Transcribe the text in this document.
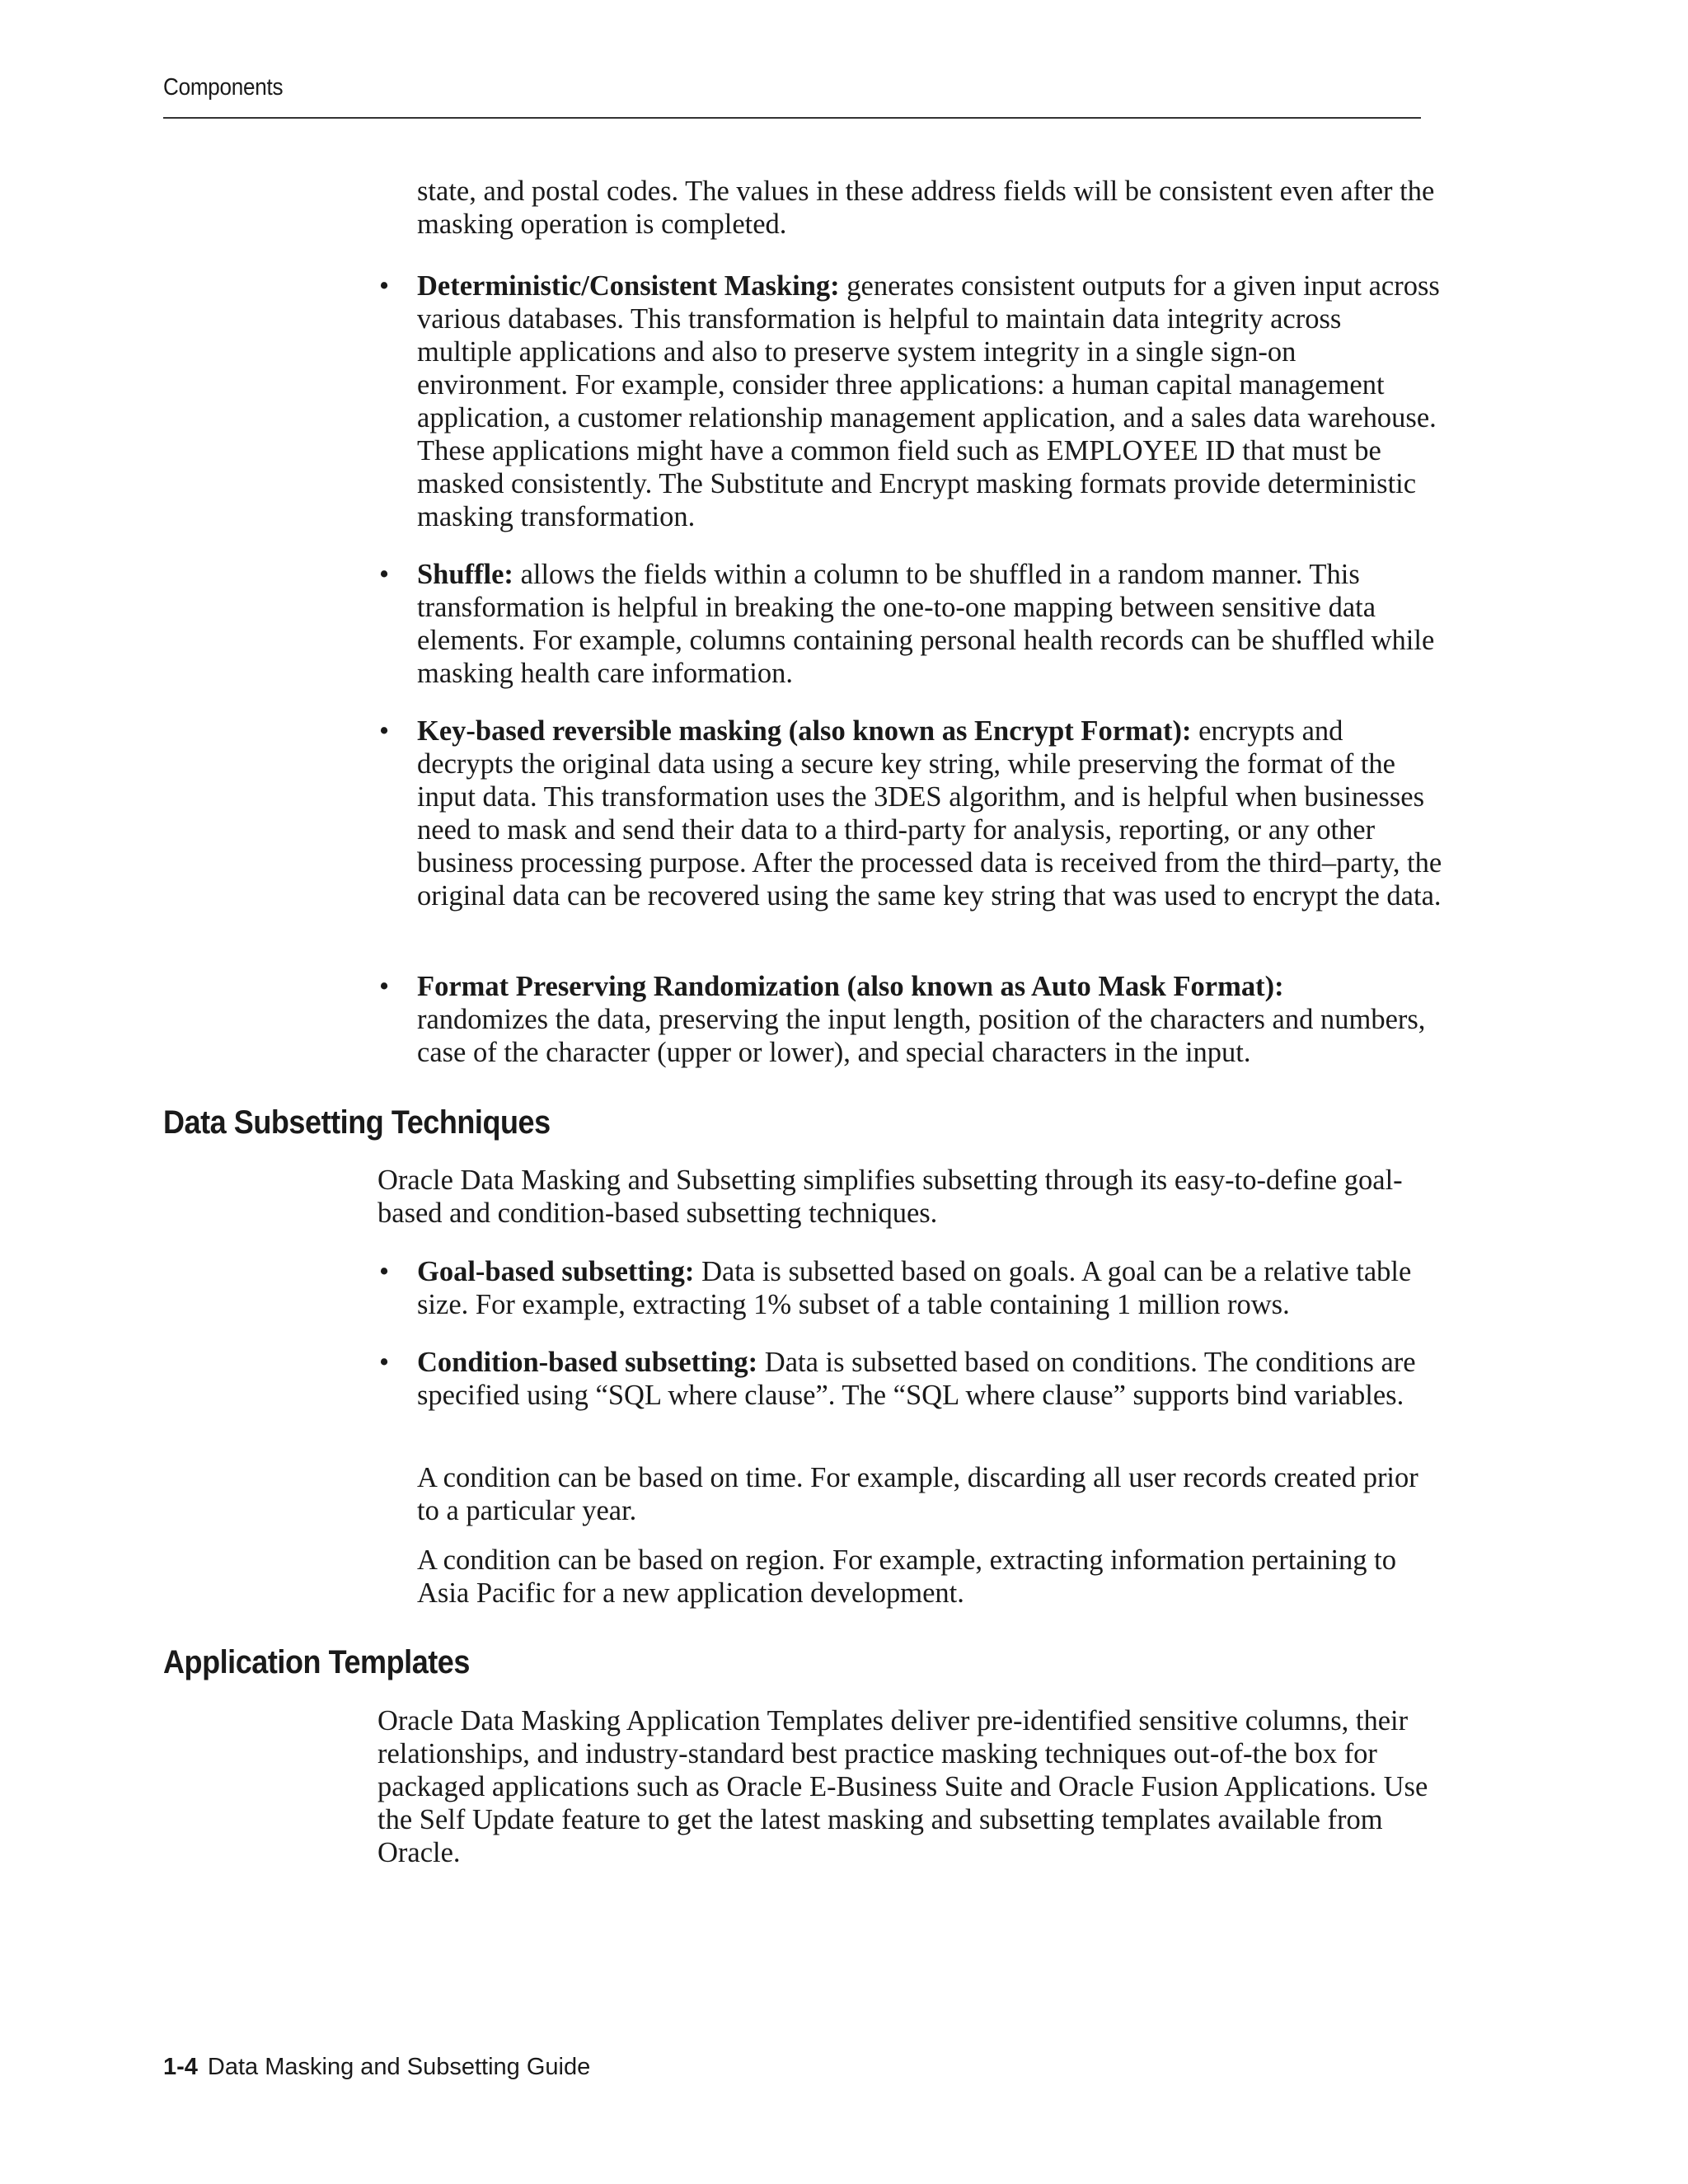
Components

state, and postal codes. The values in these address fields will be consistent even after the masking operation is completed.

• Deterministic/Consistent Masking: generates consistent outputs for a given input across various databases. This transformation is helpful to maintain data integrity across multiple applications and also to preserve system integrity in a single sign-on environment. For example, consider three applications: a human capital management application, a customer relationship management application, and a sales data warehouse. These applications might have a common field such as EMPLOYEE ID that must be masked consistently. The Substitute and Encrypt masking formats provide deterministic masking transformation.

• Shuffle: allows the fields within a column to be shuffled in a random manner. This transformation is helpful in breaking the one-to-one mapping between sensitive data elements. For example, columns containing personal health records can be shuffled while masking health care information.

• Key-based reversible masking (also known as Encrypt Format): encrypts and decrypts the original data using a secure key string, while preserving the format of the input data. This transformation uses the 3DES algorithm, and is helpful when businesses need to mask and send their data to a third-party for analysis, reporting, or any other business processing purpose. After the processed data is received from the third–party, the original data can be recovered using the same key string that was used to encrypt the data.

• Format Preserving Randomization (also known as Auto Mask Format):
randomizes the data, preserving the input length, position of the characters and numbers, case of the character (upper or lower), and special characters in the input.

Data Subsetting Techniques

Oracle Data Masking and Subsetting simplifies subsetting through its easy-to-define goal-based and condition-based subsetting techniques.

• Goal-based subsetting: Data is subsetted based on goals. A goal can be a relative table size. For example, extracting 1% subset of a table containing 1 million rows.

• Condition-based subsetting: Data is subsetted based on conditions. The conditions are specified using “SQL where clause”. The “SQL where clause” supports bind variables.

A condition can be based on time. For example, discarding all user records created prior to a particular year.

A condition can be based on region. For example, extracting information pertaining to Asia Pacific for a new application development.

Application Templates

Oracle Data Masking Application Templates deliver pre-identified sensitive columns, their relationships, and industry-standard best practice masking techniques out-of-the box for packaged applications such as Oracle E-Business Suite and Oracle Fusion Applications. Use the Self Update feature to get the latest masking and subsetting templates available from Oracle.

1-4 Data Masking and Subsetting Guide
